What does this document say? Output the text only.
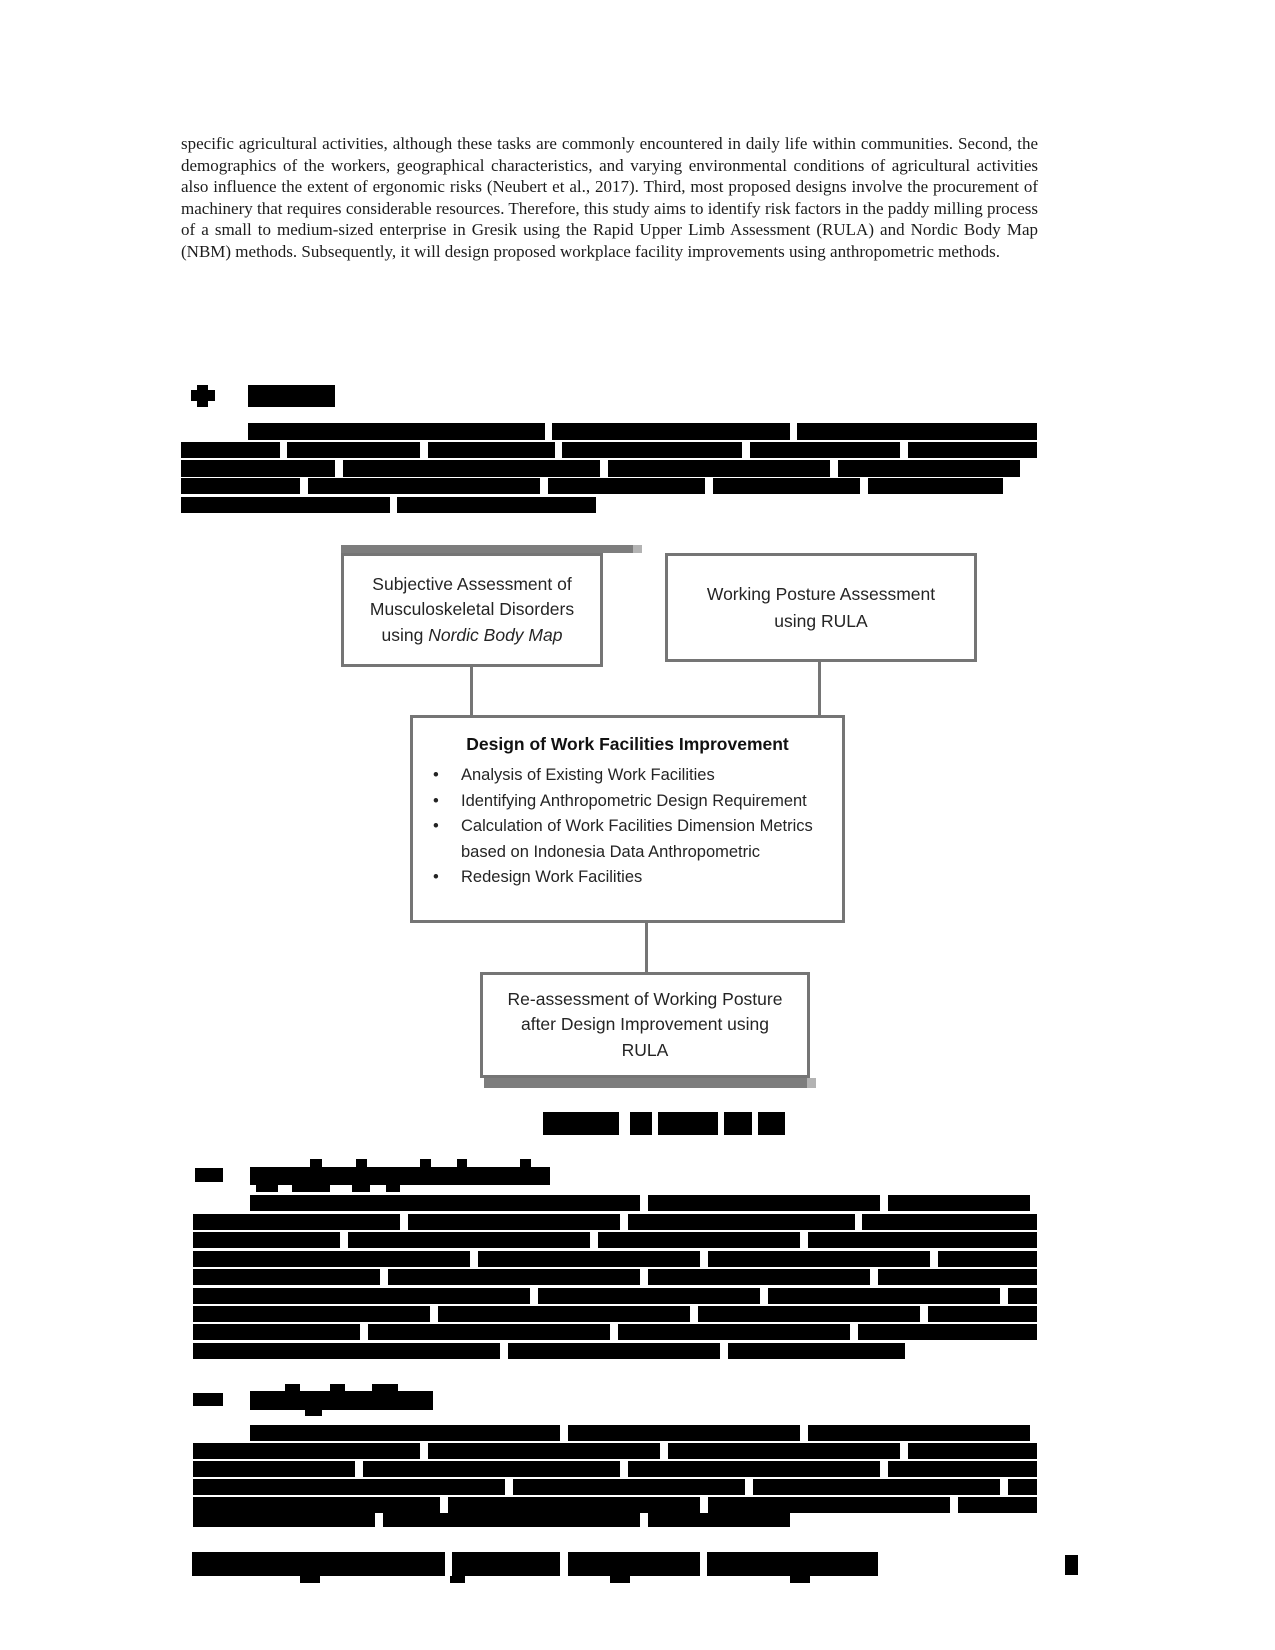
specific agricultural activities, although these tasks are commonly encountered in daily life within communities. Second, the demographics of the workers, geographical characteristics, and varying environmental conditions of agricultural activities also influence the extent of ergonomic risks (Neubert et al., 2017). Third, most proposed designs involve the procurement of machinery that requires considerable resources. Therefore, this study aims to identify risk factors in the paddy milling process of a small to medium-sized enterprise in Gresik using the Rapid Upper Limb Assessment (RULA) and Nordic Body Map (NBM) methods. Subsequently, it will design proposed workplace facility improvements using anthropometric methods.
Subjective Assessment of
Musculoskeletal Disorders
using Nordic Body Map
Working Posture Assessment
using RULA
Design of Work Facilities Improvement
•	Analysis of Existing Work Facilities
•	Identifying Anthropometric Design Requirement
•	Calculation of Work Facilities Dimension Metrics based on Indonesia Data Anthropometric
•	Redesign Work Facilities
Re-assessment of Working Posture
after Design Improvement using
RULA
